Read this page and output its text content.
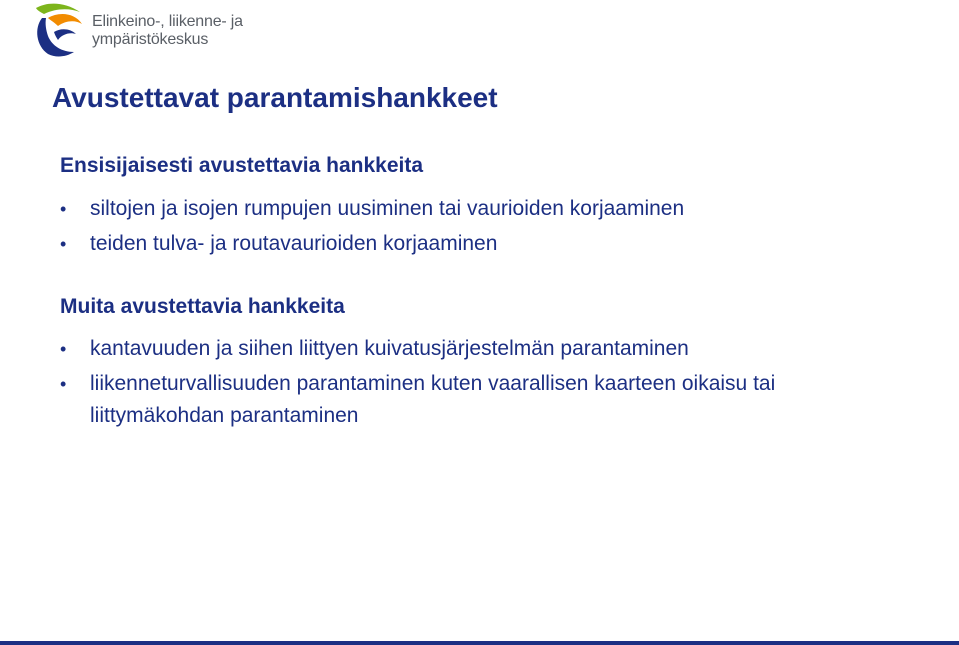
Elinkeino-, liikenne- ja
ympäristökeskus
Avustettavat parantamishankkeet
Ensisijaisesti avustettavia hankkeita
• siltojen ja isojen rumpujen uusiminen tai vaurioiden korjaaminen
• teiden tulva- ja routavaurioiden korjaaminen
Muita avustettavia hankkeita
• kantavuuden ja siihen liittyen kuivatusjärjestelmän parantaminen
• liikenneturvallisuuden parantaminen kuten vaarallisen kaarteen oikaisu tai liittymäkohdan parantaminen
